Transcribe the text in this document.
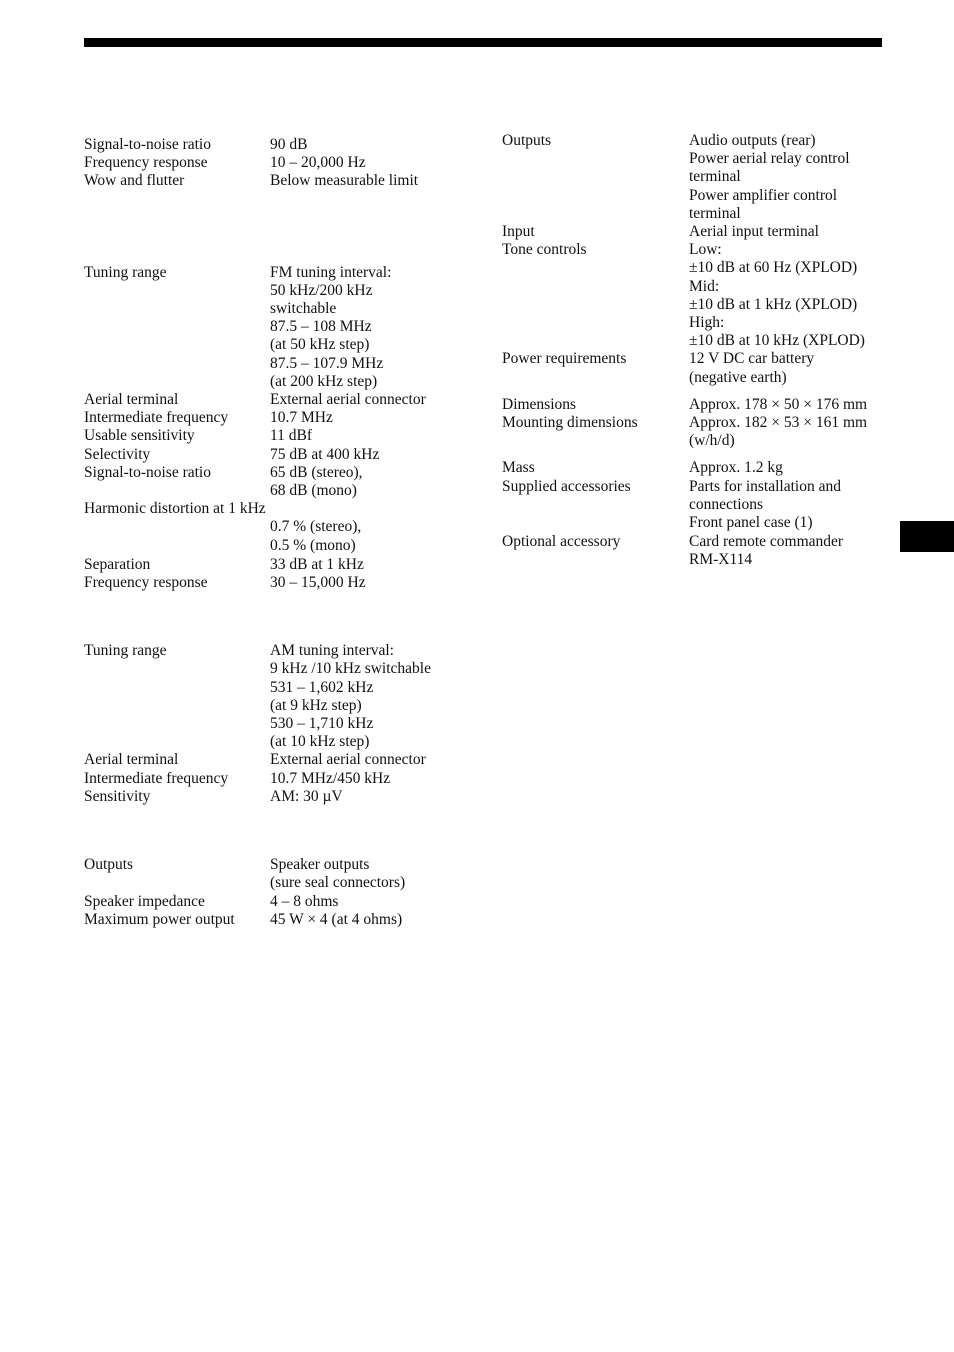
Signal-to-noise ratio	90 dB
Frequency response	10 – 20,000 Hz
Wow and flutter	Below measurable limit
Tuning range	FM tuning interval:
50 kHz/200 kHz
switchable
87.5 – 108 MHz
(at 50 kHz step)
87.5 – 107.9 MHz
(at 200 kHz step)
Aerial terminal	External aerial connector
Intermediate frequency	10.7 MHz
Usable sensitivity	11 dBf
Selectivity	75 dB at 400 kHz
Signal-to-noise ratio	65 dB (stereo),
68 dB (mono)
Harmonic distortion at 1 kHz
0.7 % (stereo),
0.5 % (mono)
Separation	33 dB at 1 kHz
Frequency response	30 – 15,000 Hz
Tuning range	AM tuning interval:
9 kHz /10 kHz switchable
531 – 1,602 kHz
(at 9 kHz step)
530 – 1,710 kHz
(at 10 kHz step)
Aerial terminal	External aerial connector
Intermediate frequency	10.7 MHz/450 kHz
Sensitivity	AM: 30 µV
Outputs	Speaker outputs
(sure seal connectors)
Speaker impedance	4 – 8 ohms
Maximum power output	45 W × 4 (at 4 ohms)
Outputs	Audio outputs (rear)
Power aerial relay control
terminal
Power amplifier control
terminal
Input	Aerial input terminal
Tone controls	Low:
±10 dB at 60 Hz (XPLOD)
Mid:
±10 dB at 1 kHz (XPLOD)
High:
±10 dB at 10 kHz (XPLOD)
Power requirements	12 V DC car battery
(negative earth)
Dimensions	Approx. 178 × 50 × 176 mm
Mounting dimensions	Approx. 182 × 53 × 161 mm
(w/h/d)
Mass	Approx. 1.2 kg
Supplied accessories	Parts for installation and
connections
Front panel case (1)
Optional accessory	Card remote commander
RM-X114
